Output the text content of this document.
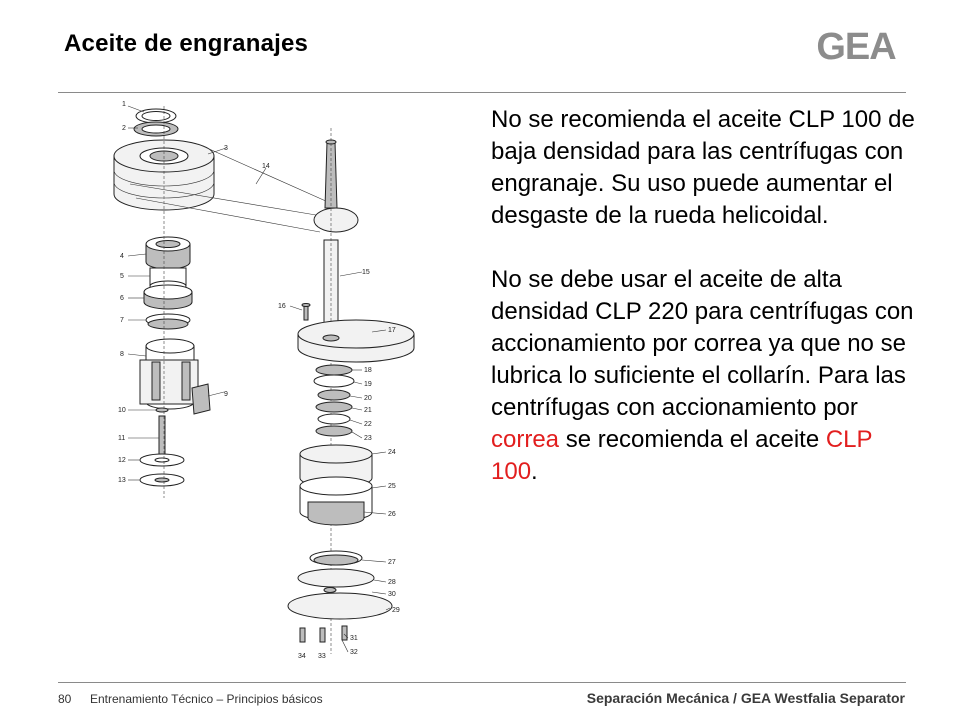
Aceite de engranajes	GEA
1
2
3
4
5
6
7
8
9
10
11
12
13
14
15
16
17
18
19
20
21
22
23
24
25
26
27
28
29
30
31
32
33
34

No se recomienda el aceite CLP 100 de baja densidad para las centrífugas con engranaje. Su uso puede aumentar el desgaste de la rueda helicoidal.

No se debe usar el aceite de alta densidad CLP 220 para centrífugas con accionamiento por correa ya que no se lubrica lo suficiente el collarín. Para las centrífugas con accionamiento por correa se recomienda el aceite CLP 100.

80 Entrenamiento Técnico – Principios básicos	Separación Mecánica / GEA Westfalia Separator
